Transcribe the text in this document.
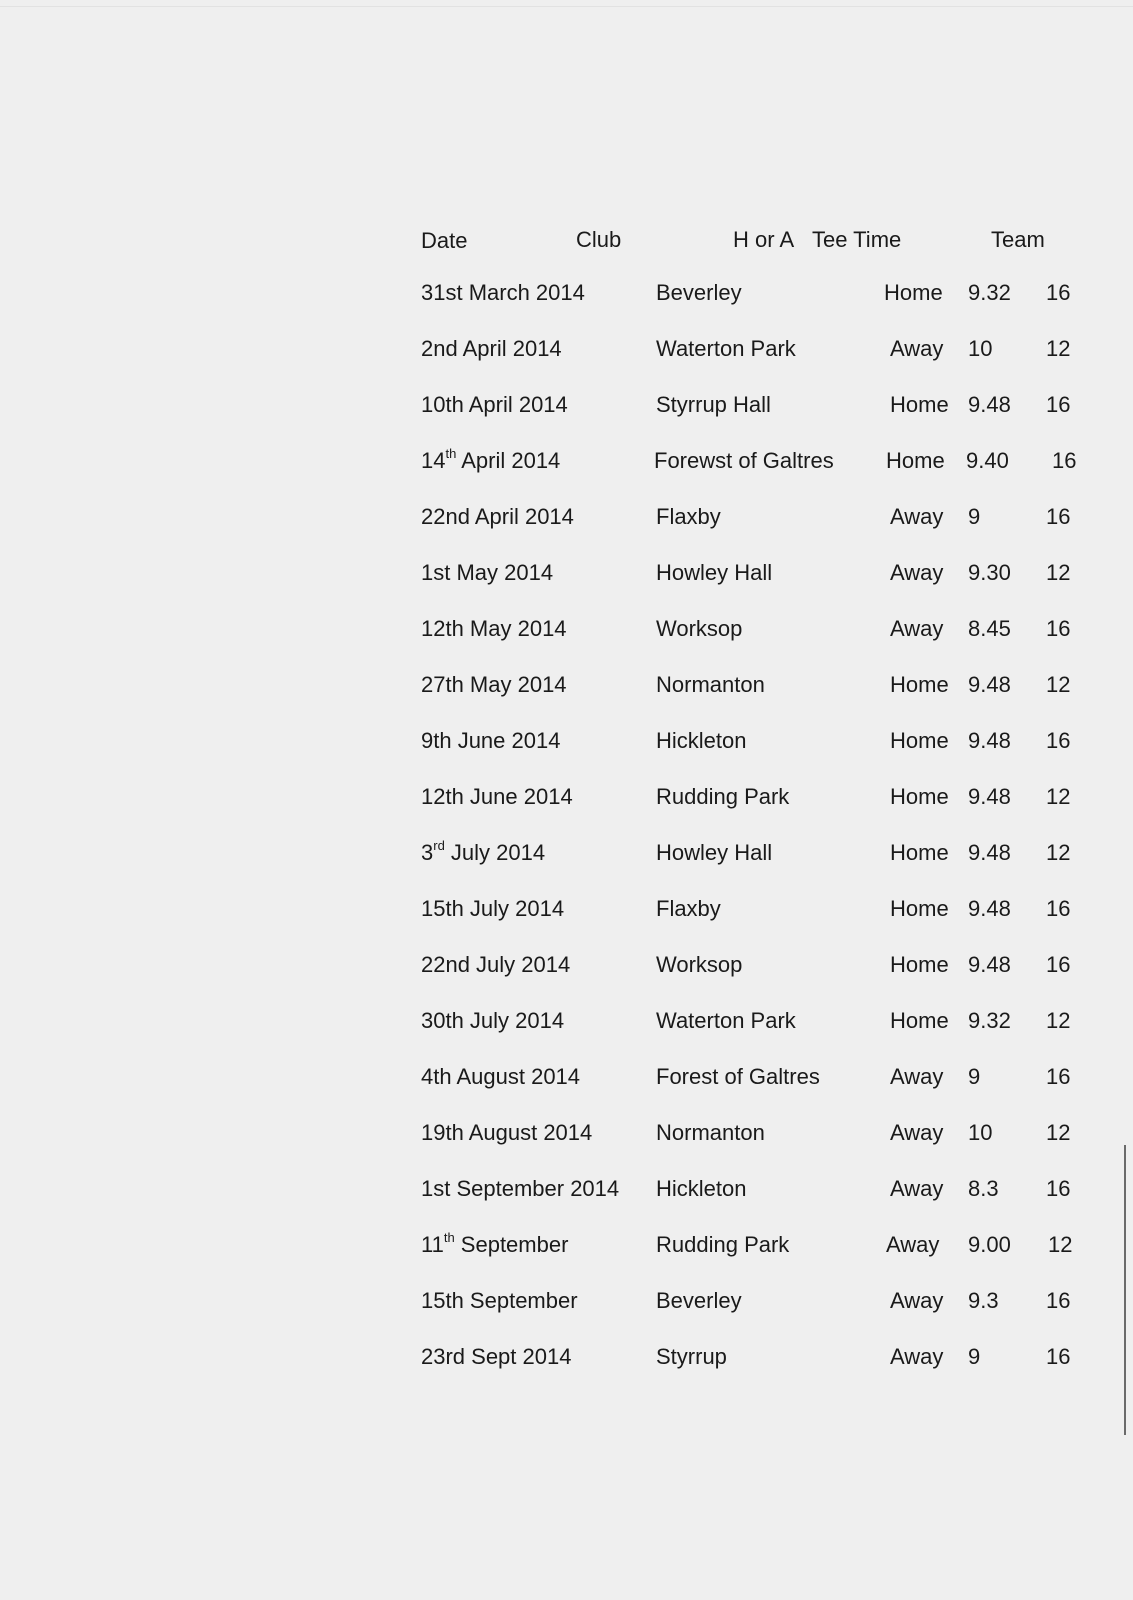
Date	Club	H or A Tee Time	Team
31st March 2014	Beverley	Home 9.32 16
2nd April 2014	Waterton Park	Away 10 12
10th April 2014	Styrrup Hall	Home 9.48 16
14th April 2014	Forewst of Galtres Home 9.40 16
22nd April 2014	Flaxby	Away 9	16
1st May 2014	Howley Hall	Away 9.30 12
12th May 2014	Worksop	Away 8.45 16
27th May 2014	Normanton	Home 9.48 12
9th June 2014	Hickleton	Home 9.48 16
12th June 2014	Rudding Park	Home 9.48 12
3rd July 2014	Howley Hall	Home 9.48 12
15th July 2014	Flaxby	Home 9.48 16
22nd July 2014	Worksop	Home 9.48 16
30th July 2014	Waterton Park	Home 9.32 12
4th August 2014	Forest of Galtres	Away 9	16
19th August 2014	Normanton	Away 10 12
1st September 2014 Hickleton	Away 8.3 16
11th September	Rudding Park	Away 9.00 12
15th September	Beverley	Away 9.3 16
23rd Sept 2014	Styrrup	Away 9	16
